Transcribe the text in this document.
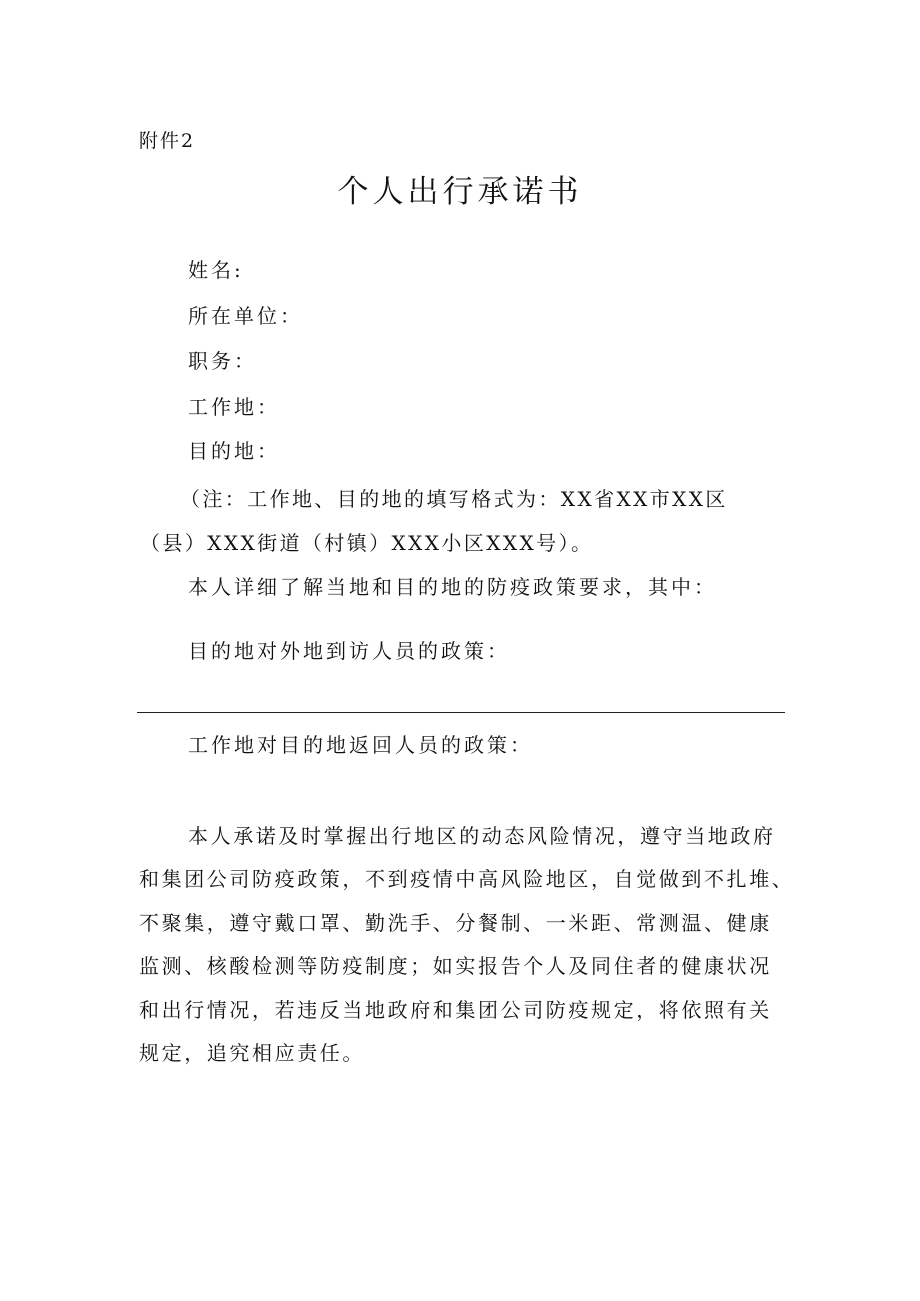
附件2
个人出行承诺书
姓名:
所在单位：
职务：
工作地：
目的地：
（注：工作地、目的地的填写格式为：XX省XX市XX区
（县）XXX街道（村镇）XXX小区XXX号）。
本人详细了解当地和目的地的防疫政策要求，其中：
目的地对外地到访人员的政策：
工作地对目的地返回人员的政策：
本人承诺及时掌握出行地区的动态风险情况，遵守当地政府
和集团公司防疫政策，不到疫情中高风险地区，自觉做到不扎堆、
不聚集，遵守戴口罩、勤洗手、分餐制、一米距、常测温、健康
监测、核酸检测等防疫制度；如实报告个人及同住者的健康状况
和出行情况，若违反当地政府和集团公司防疫规定，将依照有关
规定，追究相应责任。
